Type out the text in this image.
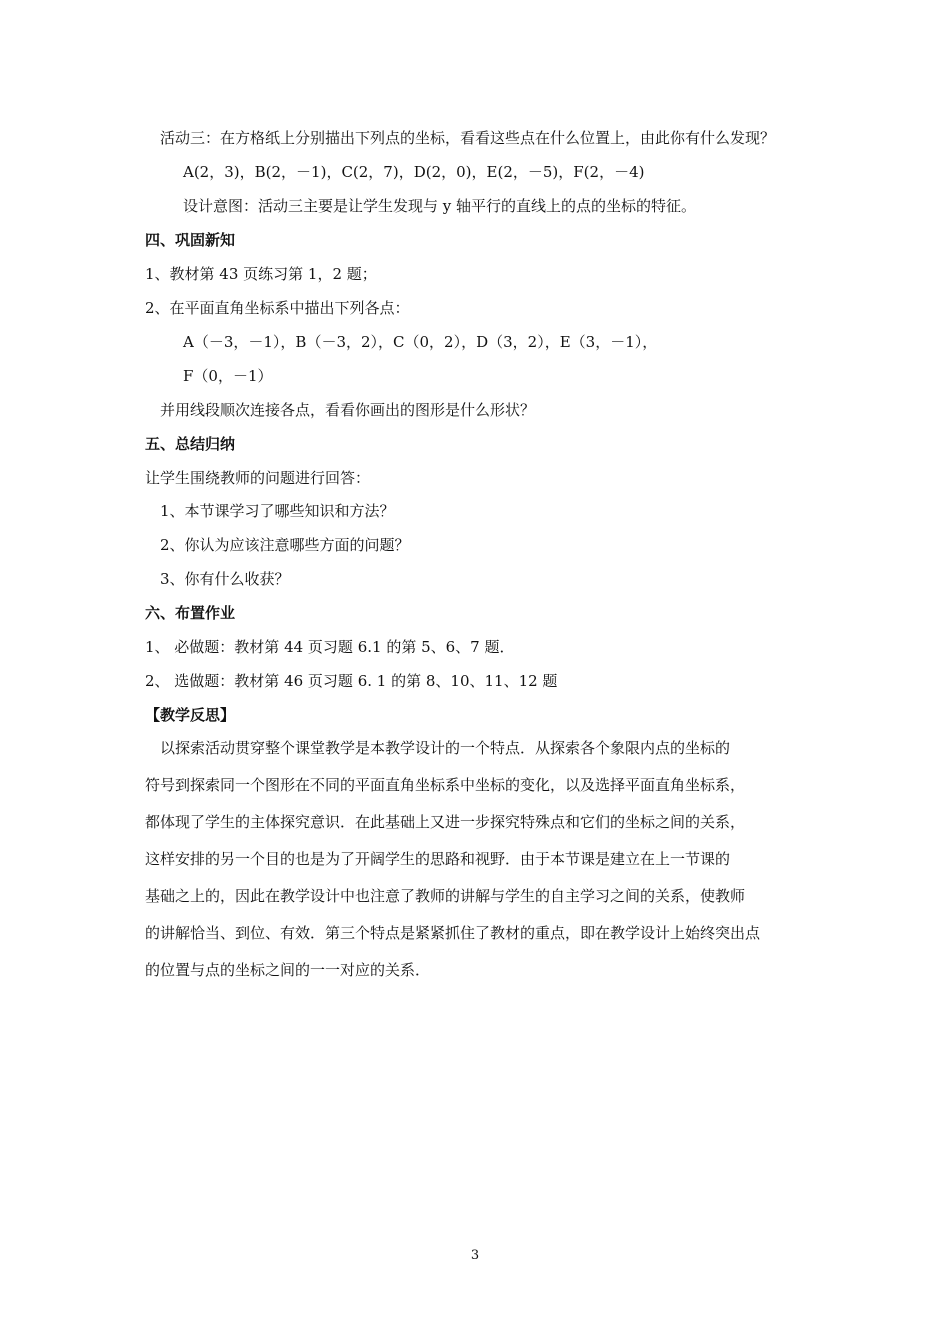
活动三：在方格纸上分别描出下列点的坐标，看看这些点在什么位置上，由此你有什么发现？
A(2，3)，B(2，－1)，C(2，7)，D(2，0)，E(2，－5)，F(2，－4)
设计意图：活动三主要是让学生发现与 y 轴平行的直线上的点的坐标的特征。
四、巩固新知
1、教材第 43 页练习第 1，2 题；
2、在平面直角坐标系中描出下列各点：
A（－3，－1），B（－3，2），C（0，2），D（3，2），E（3，－1），
F（0，－1）
并用线段顺次连接各点，看看你画出的图形是什么形状？
五、总结归纳
让学生围绕教师的问题进行回答：
1、本节课学习了哪些知识和方法？
2、你认为应该注意哪些方面的问题？
3、你有什么收获？
六、布置作业
1、 必做题：教材第 44 页习题 6.1 的第 5、6、7 题．
2、 选做题：教材第 46 页习题 6. 1 的第 8、10、11、12 题
【教学反思】
以探索活动贯穿整个课堂教学是本教学设计的一个特点．从探索各个象限内点的坐标的
符号到探索同一个图形在不同的平面直角坐标系中坐标的变化，以及选择平面直角坐标系，
都体现了学生的主体探究意识．在此基础上又进一步探究特殊点和它们的坐标之间的关系，
这样安排的另一个目的也是为了开阔学生的思路和视野．由于本节课是建立在上一节课的
基础之上的，因此在教学设计中也注意了教师的讲解与学生的自主学习之间的关系，使教师
的讲解恰当、到位、有效．第三个特点是紧紧抓住了教材的重点，即在教学设计上始终突出点
的位置与点的坐标之间的一一对应的关系．
3
